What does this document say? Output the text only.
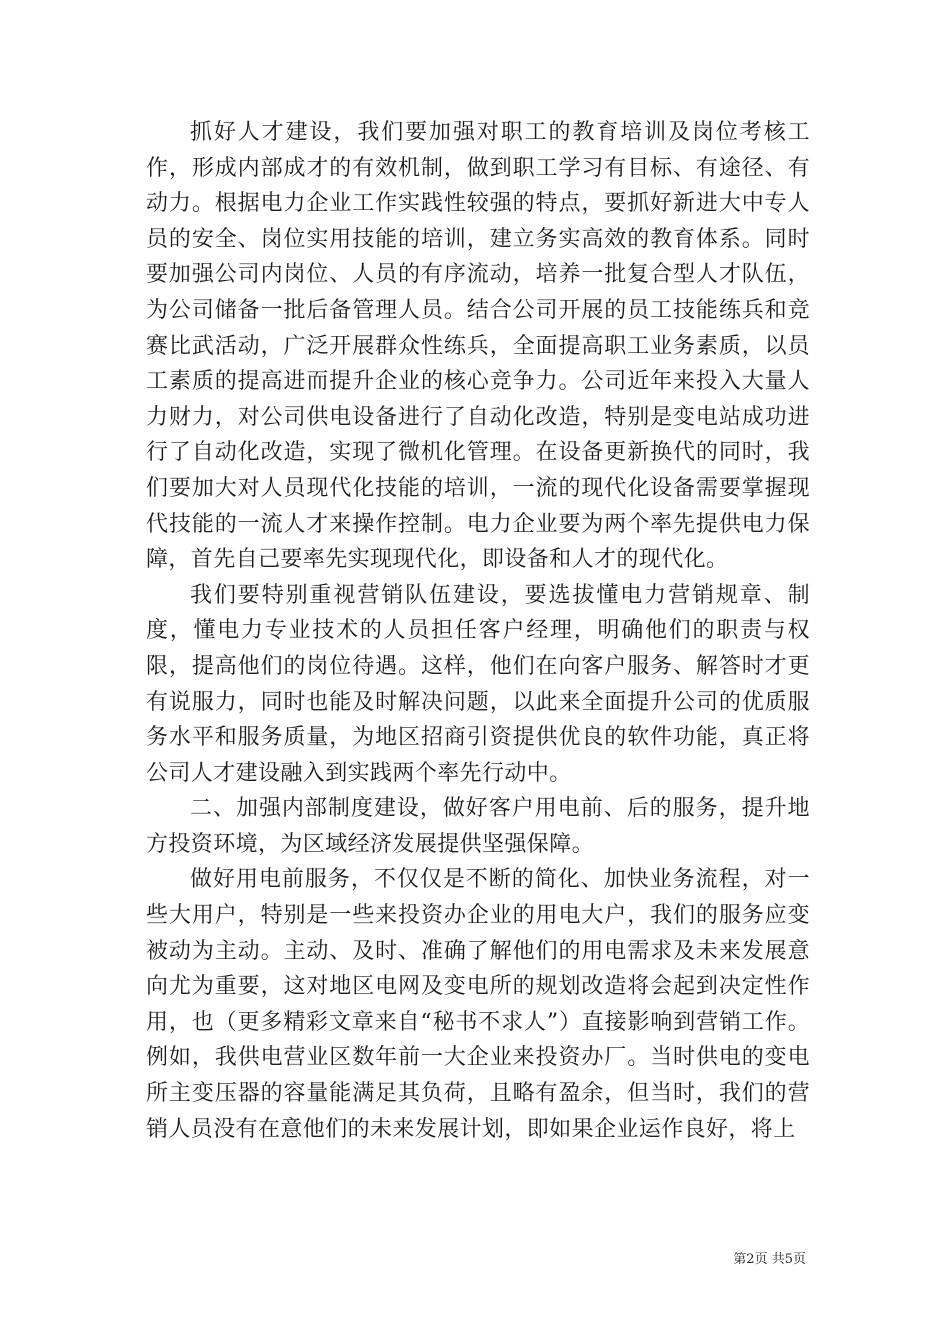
抓好人才建设，我们要加强对职工的教育培训及岗位考核工作，形成内部成才的有效机制，做到职工学习有目标、有途径、有动力。根据电力企业工作实践性较强的特点，要抓好新进大中专人员的安全、岗位实用技能的培训，建立务实高效的教育体系。同时要加强公司内岗位、人员的有序流动，培养一批复合型人才队伍，为公司储备一批后备管理人员。结合公司开展的员工技能练兵和竞赛比武活动，广泛开展群众性练兵，全面提高职工业务素质，以员工素质的提高进而提升企业的核心竞争力。公司近年来投入大量人力财力，对公司供电设备进行了自动化改造，特别是变电站成功进行了自动化改造，实现了微机化管理。在设备更新换代的同时，我们要加大对人员现代化技能的培训，一流的现代化设备需要掌握现代技能的一流人才来操作控制。电力企业要为两个率先提供电力保障，首先自己要率先实现现代化，即设备和人才的现代化。

我们要特别重视营销队伍建设，要选拔懂电力营销规章、制度，懂电力专业技术的人员担任客户经理，明确他们的职责与权限，提高他们的岗位待遇。这样，他们在向客户服务、解答时才更有说服力，同时也能及时解决问题，以此来全面提升公司的优质服务水平和服务质量，为地区招商引资提供优良的软件功能，真正将公司人才建设融入到实践两个率先行动中。

二、加强内部制度建设，做好客户用电前、后的服务，提升地方投资环境，为区域经济发展提供坚强保障。

做好用电前服务，不仅仅是不断的简化、加快业务流程，对一些大用户，特别是一些来投资办企业的用电大户，我们的服务应变被动为主动。主动、及时、准确了解他们的用电需求及未来发展意向尤为重要，这对地区电网及变电所的规划改造将会起到决定性作用，也（更多精彩文章来自“秘书不求人”）直接影响到营销工作。例如，我供电营业区数年前一大企业来投资办厂。当时供电的变电所主变压器的容量能满足其负荷，且略有盈余，但当时，我们的营销人员没有在意他们的未来发展计划，即如果企业运作良好，将上

第2页 共5页
